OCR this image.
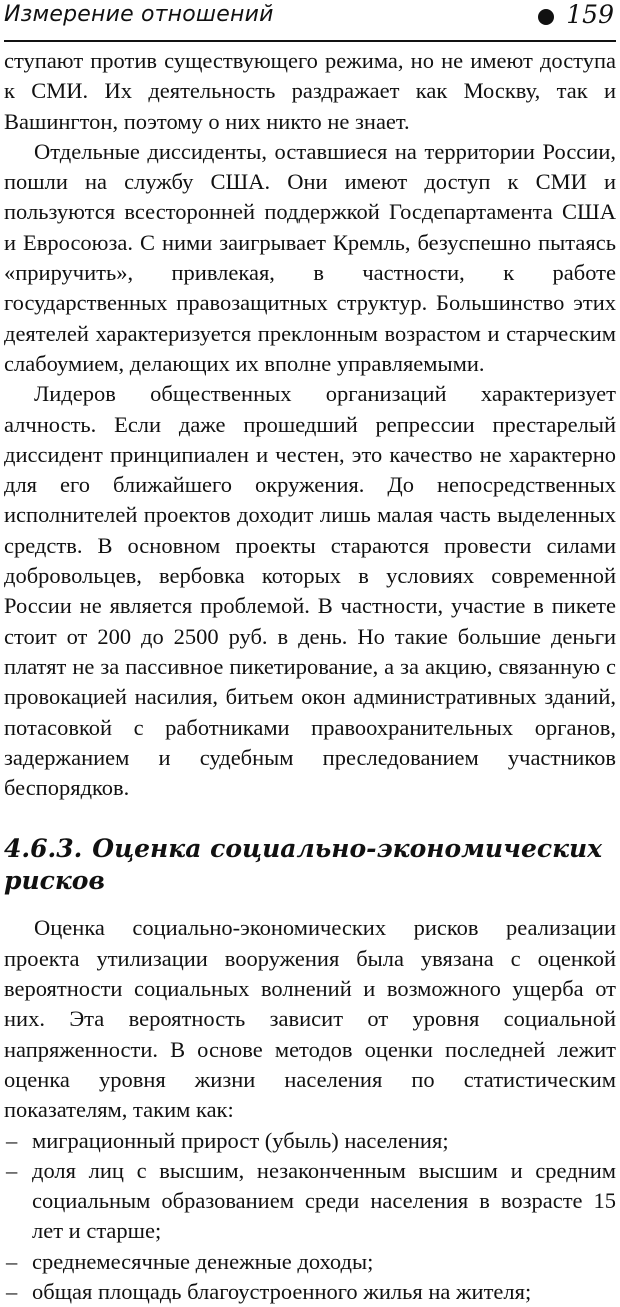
Измерение отношений	159

ступают против существующего режима, но не имеют доступа к СМИ. Их деятельность раздражает как Москву, так и Вашингтон, поэтому о них никто не знает.

Отдельные диссиденты, оставшиеся на территории России, пошли на службу США. Они имеют доступ к СМИ и пользуются всесторонней поддержкой Госдепартамента США и Евросоюза. С ними заигрывает Кремль, безуспешно пытаясь «приручить», привлекая, в частности, к работе государственных правозащитных структур. Большинство этих деятелей характеризуется преклонным возрастом и старческим слабоумием, делающих их вполне управляемыми.

Лидеров общественных организаций характеризует алчность. Если даже прошедший репрессии престарелый диссидент принципиален и честен, это качество не характерно для его ближайшего окружения. До непосредственных исполнителей проектов доходит лишь малая часть выделенных средств. В основном проекты стараются провести силами добровольцев, вербовка которых в условиях современной России не является проблемой. В частности, участие в пикете стоит от 200 до 2500 руб. в день. Но такие большие деньги платят не за пассивное пикетирование, а за акцию, связанную с провокацией насилия, битьем окон административных зданий, потасовкой с работниками правоохранительных органов, задержанием и судебным преследованием участников беспорядков.

4.6.3. Оценка социально-экономических рисков

Оценка социально-экономических рисков реализации проекта утилизации вооружения была увязана с оценкой вероятности социальных волнений и возможного ущерба от них. Эта вероятность зависит от уровня социальной напряженности. В основе методов оценки последней лежит оценка уровня жизни населения по статистическим показателям, таким как:

– миграционный прирост (убыль) населения;
– доля лиц с высшим, незаконченным высшим и средним социальным образованием среди населения в возрасте 15 лет и старше;
– среднемесячные денежные доходы;
– общая площадь благоустроенного жилья на жителя;
